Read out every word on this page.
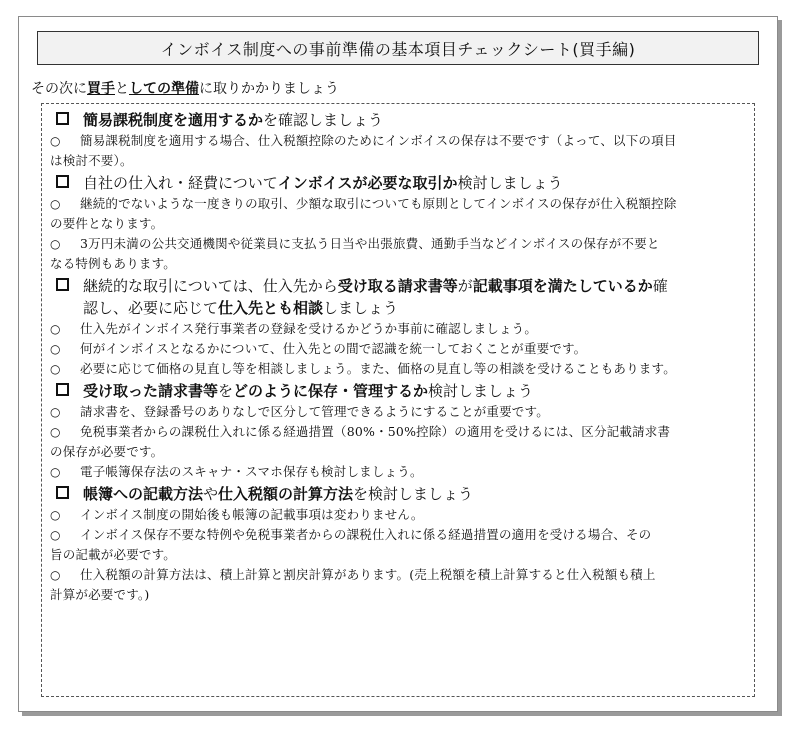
インボイス制度への事前準備の基本項目チェックシート(買手編)
その次に買手としての準備に取りかかりましょう
簡易課税制度を適用するかを確認しましょう
○	簡易課税制度を適用する場合、仕入税額控除のためにインボイスの保存は不要です（よって、以下の項目
は検討不要）。
自社の仕入れ・経費についてインボイスが必要な取引か検討しましょう
○	継続的でないような一度きりの取引、少額な取引についても原則としてインボイスの保存が仕入税額控除
の要件となります。
○	3万円未満の公共交通機関や従業員に支払う日当や出張旅費、通勤手当などインボイスの保存が不要と
なる特例もあります。
継続的な取引については、仕入先から受け取る請求書等が記載事項を満たしているか確
認し、必要に応じて仕入先とも相談しましょう
○	仕入先がインボイス発行事業者の登録を受けるかどうか事前に確認しましょう。
○	何がインボイスとなるかについて、仕入先との間で認識を統一しておくことが重要です。
○	必要に応じて価格の見直し等を相談しましょう。また、価格の見直し等の相談を受けることもあります。
受け取った請求書等をどのように保存・管理するか検討しましょう
○	請求書を、登録番号のありなしで区分して管理できるようにすることが重要です。
○	免税事業者からの課税仕入れに係る経過措置（80%・50%控除）の適用を受けるには、区分記載請求書
の保存が必要です。
○	電子帳簿保存法のスキャナ・スマホ保存も検討しましょう。
帳簿への記載方法や仕入税額の計算方法を検討しましょう
○	インボイス制度の開始後も帳簿の記載事項は変わりません。
○	インボイス保存不要な特例や免税事業者からの課税仕入れに係る経過措置の適用を受ける場合、その
旨の記載が必要です。
○	仕入税額の計算方法は、積上計算と割戻計算があります。(売上税額を積上計算すると仕入税額も積上
計算が必要です。)
